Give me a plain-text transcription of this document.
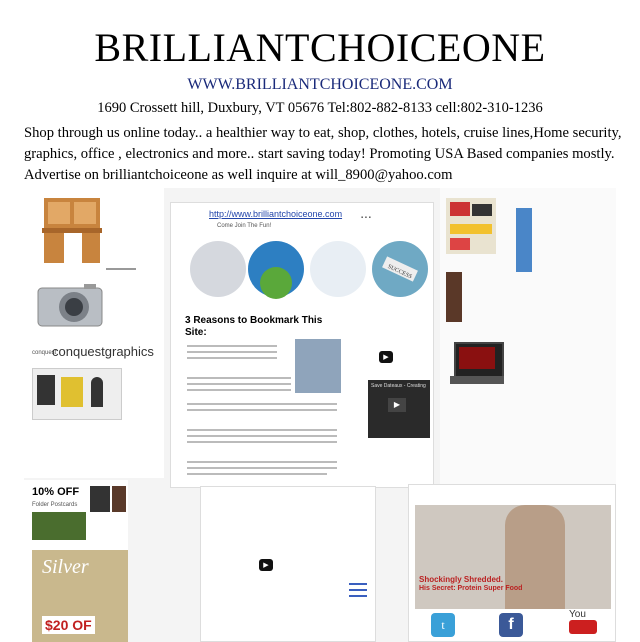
BRILLIANTCHOICEONE
WWW.BRILLIANTCHOICEONE.COM
1690 Crossett hill, Duxbury, VT 05676 Tel:802-882-8133 cell:802-310-1236
Shop through us online today.. a healthier way to eat, shop, clothes, hotels, cruise lines,Home security,
graphics, office , electronics and more.. start saving today! Promoting USA Based companies mostly.
Advertise on brilliantchoiceone as well inquire at will_8900@yahoo.com
conquest
conquestgraphics
http://www.brilliantchoiceone.com
Come Join The Fun!
▪ ▪ ▪
SUCCESS
3 Reasons to Bookmark This Site:
▶
Save Dateaux - Creating
▶
10% OFF
Folder Postcards
Silver
$20 OF
▶
Shockingly Shredded.
His Secret: Protein Super Food
t	f
You
